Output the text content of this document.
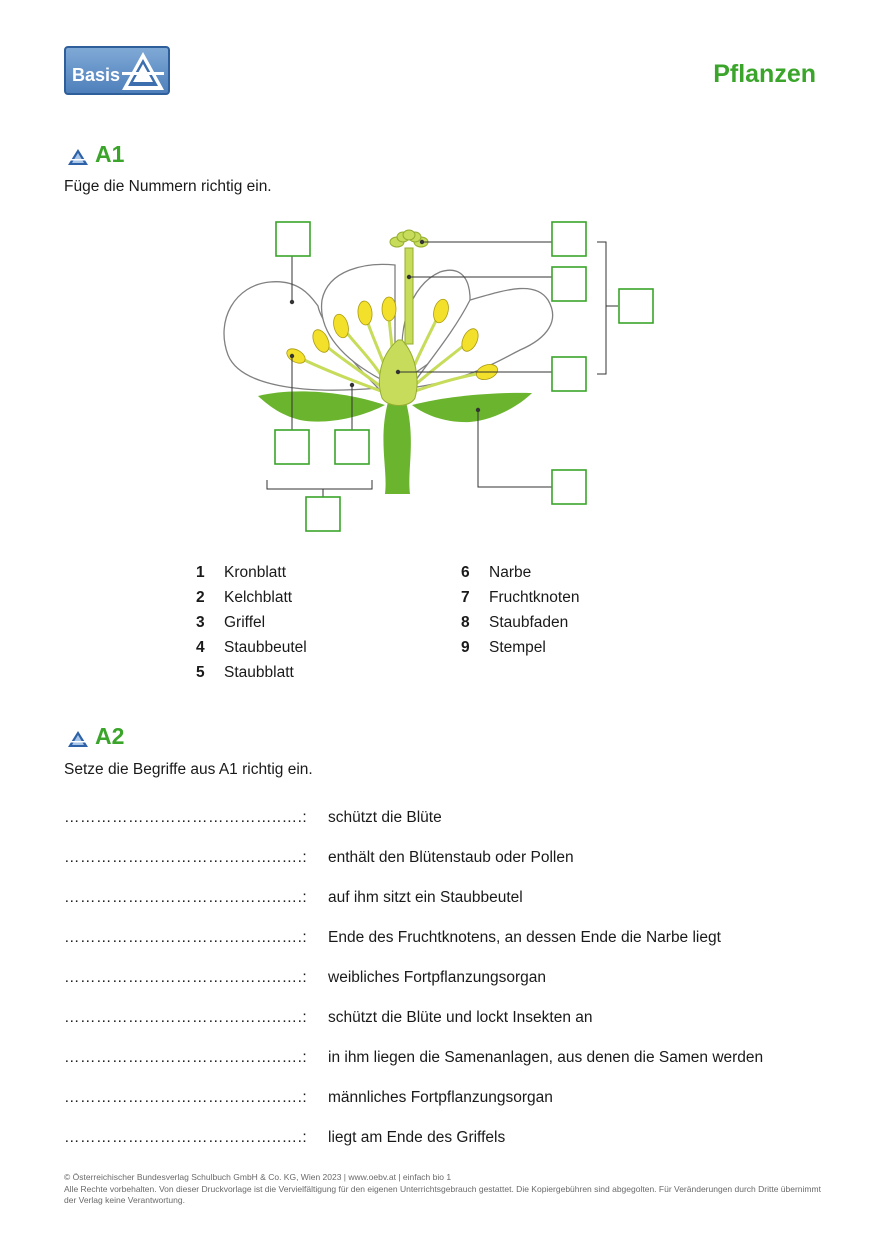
Basis	Pflanzen
A1
Füge die Nummern richtig ein.
1 Kronblatt
2 Kelchblatt
3 Griffel
4 Staubbeutel
5 Staubblatt
6 Narbe
7 Fruchtknoten
8 Staubfaden
9 Stempel
A2
Setze die Begriffe aus A1 richtig ein.
…………………………………..….: schützt die Blüte
…………………………………..….: enthält den Blütenstaub oder Pollen
…………………………………..….: auf ihm sitzt ein Staubbeutel
…………………………………..….: Ende des Fruchtknotens, an dessen Ende die Narbe liegt
…………………………………..….: weibliches Fortpflanzungsorgan
…………………………………..….: schützt die Blüte und lockt Insekten an
…………………………………..….: in ihm liegen die Samenanlagen, aus denen die Samen werden
…………………………………..….: männliches Fortpflanzungsorgan
…………………………………..….: liegt am Ende des Griffels
© Österreichischer Bundesverlag Schulbuch GmbH & Co. KG, Wien 2023 | www.oebv.at | einfach bio 1
Alle Rechte vorbehalten. Von dieser Druckvorlage ist die Vervielfältigung für den eigenen Unterrichtsgebrauch gestattet. Die Kopiergebühren sind abgegolten. Für Veränderungen durch Dritte übernimmt der Verlag keine Verantwortung.
